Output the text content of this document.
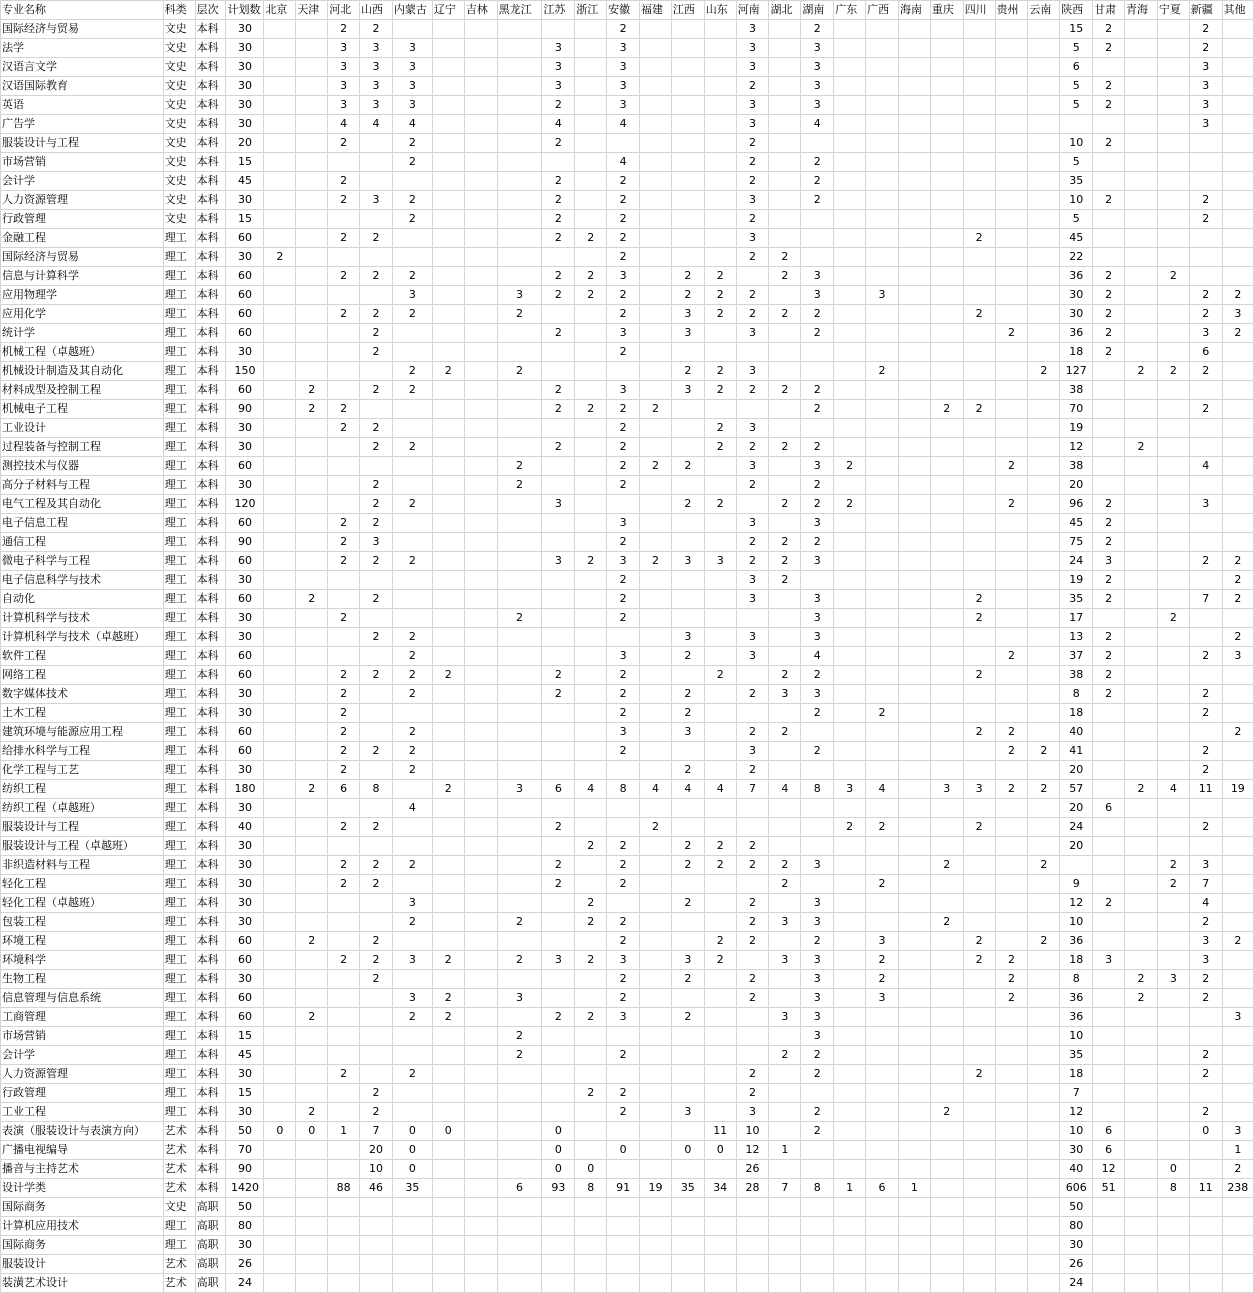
专业名称	科类	层次	计划数	北京	天津	河北	山西	内蒙古	辽宁	吉林	黑龙江	江苏	浙江	安徽	福建	江西	山东	河南	湖北	湖南	广东	广西	海南	重庆	四川	贵州	云南	陕西	甘肃	青海	宁夏	新疆	其他
国际经济与贸易	文史	本科	30			2	2							2				3		2								15	2			2	
法学	文史	本科	30			3	3	3				3		3				3		3								5	2			2	
汉语言文学	文史	本科	30			3	3	3				3		3				3		3								6				3	
汉语国际教育	文史	本科	30			3	3	3				3		3				2		3								5	2			3	
英语	文史	本科	30			3	3	3				2		3				3		3								5	2			3	
广告学	文史	本科	30			4	4	4				4		4				3		4												3	
服装设计与工程	文史	本科	20			2		2				2						2										10	2				
市场营销	文史	本科	15					2						4				2		2								5					
会计学	文史	本科	45			2						2		2				2		2								35					
人力资源管理	文史	本科	30			2	3	2				2		2				3		2								10	2			2	
行政管理	文史	本科	15					2				2		2				2										5				2	
金融工程	理工	本科	60			2	2					2	2	2				3							2			45					
国际经济与贸易	理工	本科	30	2										2				2	2									22					
信息与计算科学	理工	本科	60			2	2	2				2	2	3		2	2		2	3								36	2		2		
应用物理学	理工	本科	60					3			3	2	2	2		2	2	2		3		3						30	2			2	2
应用化学	理工	本科	60			2	2	2			2			2		3	2	2	2	2					2			30	2			2	3
统计学	理工	本科	60				2					2		3		3		3		2						2		36	2			3	2
机械工程（卓越班）	理工	本科	30				2							2														18	2			6	
机械设计制造及其自动化	理工	本科	150					2	2		2					2	2	3				2					2	127		2	2	2	
材料成型及控制工程	理工	本科	60		2		2	2				2		3		3	2	2	2	2								38					
机械电子工程	理工	本科	90		2	2						2	2	2	2					2				2	2			70				2	
工业设计	理工	本科	30			2	2							2			2	3										19					
过程装备与控制工程	理工	本科	30				2	2				2		2			2	2	2	2								12		2			
测控技术与仪器	理工	本科	60								2			2	2	2		3		3	2					2		38				4	
高分子材料与工程	理工	本科	30				2				2			2				2		2								20					
电气工程及其自动化	理工	本科	120				2	2				3				2	2		2	2	2					2		96	2			3	
电子信息工程	理工	本科	60			2	2							3				3		3								45	2				
通信工程	理工	本科	90			2	3							2				2	2	2								75	2				
微电子科学与工程	理工	本科	60			2	2	2				3	2	3	2	3	3	2	2	3								24	3			2	2
电子信息科学与技术	理工	本科	30											2				3	2									19	2				2
自动化	理工	本科	60		2		2							2				3		3					2			35	2			7	2
计算机科学与技术	理工	本科	30			2					2			2						3					2			17			2		
计算机科学与技术（卓越班）	理工	本科	30				2	2								3		3		3								13	2				2
软件工程	理工	本科	60					2						3		2		3		4						2		37	2			2	3
网络工程	理工	本科	60			2	2	2	2			2		2			2		2	2					2			38	2				
数字媒体技术	理工	本科	30			2		2				2		2		2		2	3	3								8	2			2	
土木工程	理工	本科	30			2								2		2				2		2						18				2	
建筑环境与能源应用工程	理工	本科	60			2		2						3		3		2	2						2	2		40					2
给排水科学与工程	理工	本科	60			2	2	2						2				3		2						2	2	41				2	
化学工程与工艺	理工	本科	30			2		2								2		2										20				2	
纺织工程	理工	本科	180		2	6	8		2		3	6	4	8	4	4	4	7	4	8	3	4		3	3	2	2	57		2	4	11	19
纺织工程（卓越班）	理工	本科	30					4																				20	6				
服装设计与工程	理工	本科	40			2	2					2			2						2	2			2			24				2	
服装设计与工程（卓越班）	理工	本科	30										2	2		2	2	2										20					
非织造材料与工程	理工	本科	30			2	2	2				2		2		2	2	2	2	3				2			2				2	3	
轻化工程	理工	本科	30			2	2					2		2					2			2						9			2	7	
轻化工程（卓越班）	理工	本科	30					3					2			2		2		3								12	2			4	
包装工程	理工	本科	30					2			2		2	2				2	3	3				2				10				2	
环境工程	理工	本科	60		2		2							2			2	2		2		3			2		2	36				3	2
环境科学	理工	本科	60			2	2	3	2		2	3	2	3		3	2		3	3		2			2	2		18	3			3	
生物工程	理工	本科	30				2							2		2		2		3		2				2		8		2	3	2	
信息管理与信息系统	理工	本科	60					3	2		3			2				2		3		3				2		36		2		2	
工商管理	理工	本科	60		2			2	2			2	2	3		2			3	3								36					3
市场营销	理工	本科	15								2									3								10					
会计学	理工	本科	45								2			2					2	2								35				2	
人力资源管理	理工	本科	30			2		2										2		2					2			18				2	
行政管理	理工	本科	15				2						2	2				2										7					
工业工程	理工	本科	30		2		2							2		3		3		2				2				12				2	
表演（服装设计与表演方向）	艺术	本科	50	0	0	1	7	0	0			0					11	10		2								10	6			0	3
广播电视编导	艺术	本科	70				20	0				0		0		0	0	12	1									30	6				1
播音与主持艺术	艺术	本科	90				10	0				0	0					26										40	12		0		2
设计学类	艺术	本科	1420			88	46	35			6	93	8	91	19	35	34	28	7	8	1	6	1					606	51		8	11	238
国际商务	文史	高职	50																									50					
计算机应用技术	理工	高职	80																									80					
国际商务	理工	高职	30																									30					
服装设计	艺术	高职	26																									26					
装潢艺术设计	艺术	高职	24																									24					
